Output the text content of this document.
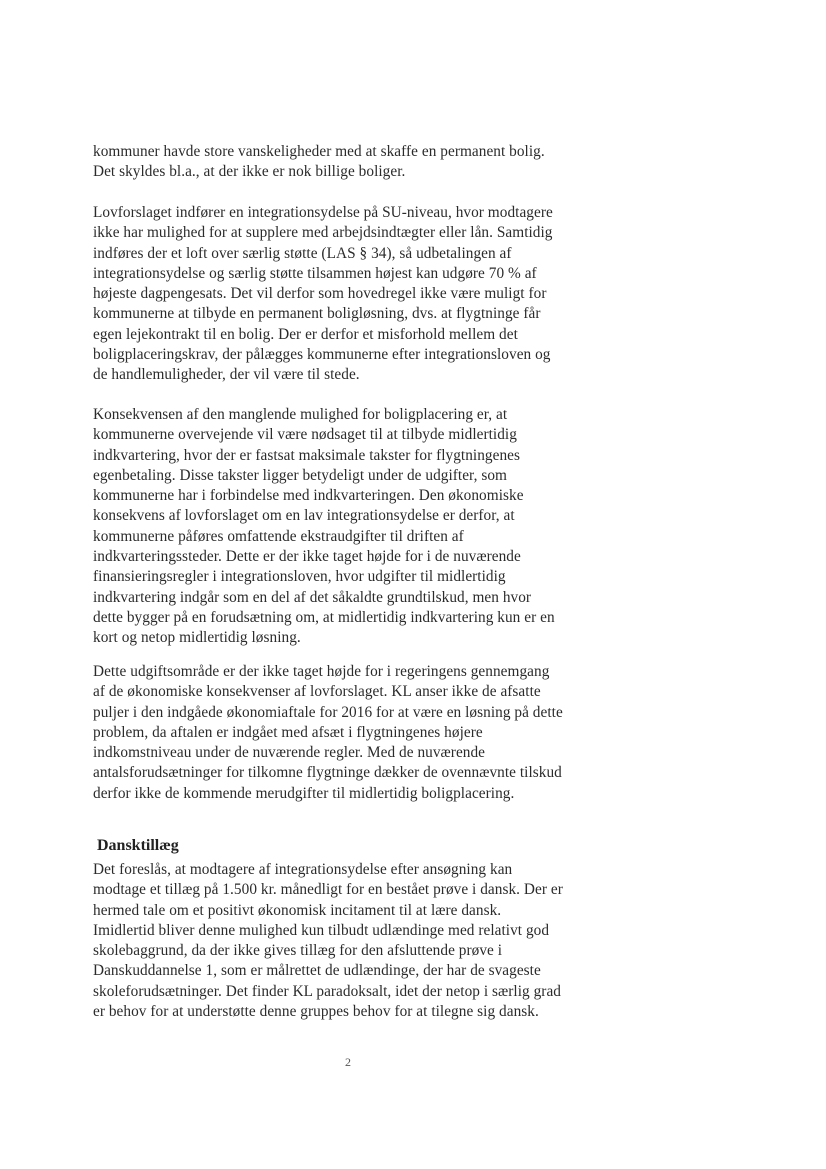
kommuner havde store vanskeligheder med at skaffe en permanent bolig.
Det skyldes bl.a., at der ikke er nok billige boliger.

Lovforslaget indfører en integrationsydelse på SU-niveau, hvor modtagere
ikke har mulighed for at supplere med arbejdsindtægter eller lån. Samtidig
indføres der et loft over særlig støtte (LAS § 34), så udbetalingen af
integrationsydelse og særlig støtte tilsammen højest kan udgøre 70 % af
højeste dagpengesats. Det vil derfor som hovedregel ikke være muligt for
kommunerne at tilbyde en permanent boligløsning, dvs. at flygtninge får
egen lejekontrakt til en bolig. Der er derfor et misforhold mellem det
boligplaceringskrav, der pålægges kommunerne efter integrationsloven og
de handlemuligheder, der vil være til stede.

Konsekvensen af den manglende mulighed for boligplacering er, at
kommunerne overvejende vil være nødsaget til at tilbyde midlertidig
indkvartering, hvor der er fastsat maksimale takster for flygtningenes
egenbetaling. Disse takster ligger betydeligt under de udgifter, som
kommunerne har i forbindelse med indkvarteringen. Den økonomiske
konsekvens af lovforslaget om en lav integrationsydelse er derfor, at
kommunerne påføres omfattende ekstraudgifter til driften af
indkvarteringssteder. Dette er der ikke taget højde for i de nuværende
finansieringsregler i integrationsloven, hvor udgifter til midlertidig
indkvartering indgår som en del af det såkaldte grundtilskud, men hvor
dette bygger på en forudsætning om, at midlertidig indkvartering kun er en
kort og netop midlertidig løsning.

Dette udgiftsområde er der ikke taget højde for i regeringens gennemgang
af de økonomiske konsekvenser af lovforslaget. KL anser ikke de afsatte
puljer i den indgåede økonomiaftale for 2016 for at være en løsning på dette
problem, da aftalen er indgået med afsæt i flygtningenes højere
indkomstniveau under de nuværende regler. Med de nuværende
antalsforudsætninger for tilkomne flygtninge dækker de ovennævnte tilskud
derfor ikke de kommende merudgifter til midlertidig boligplacering.

Dansktillæg

Det foreslås, at modtagere af integrationsydelse efter ansøgning kan
modtage et tillæg på 1.500 kr. månedligt for en bestået prøve i dansk. Der er
hermed tale om et positivt økonomisk incitament til at lære dansk.
Imidlertid bliver denne mulighed kun tilbudt udlændinge med relativt god
skolebaggrund, da der ikke gives tillæg for den afsluttende prøve i
Danskuddannelse 1, som er målrettet de udlændinge, der har de svageste
skoleforudsætninger. Det finder KL paradoksalt, idet der netop i særlig grad
er behov for at understøtte denne gruppes behov for at tilegne sig dansk.

2
